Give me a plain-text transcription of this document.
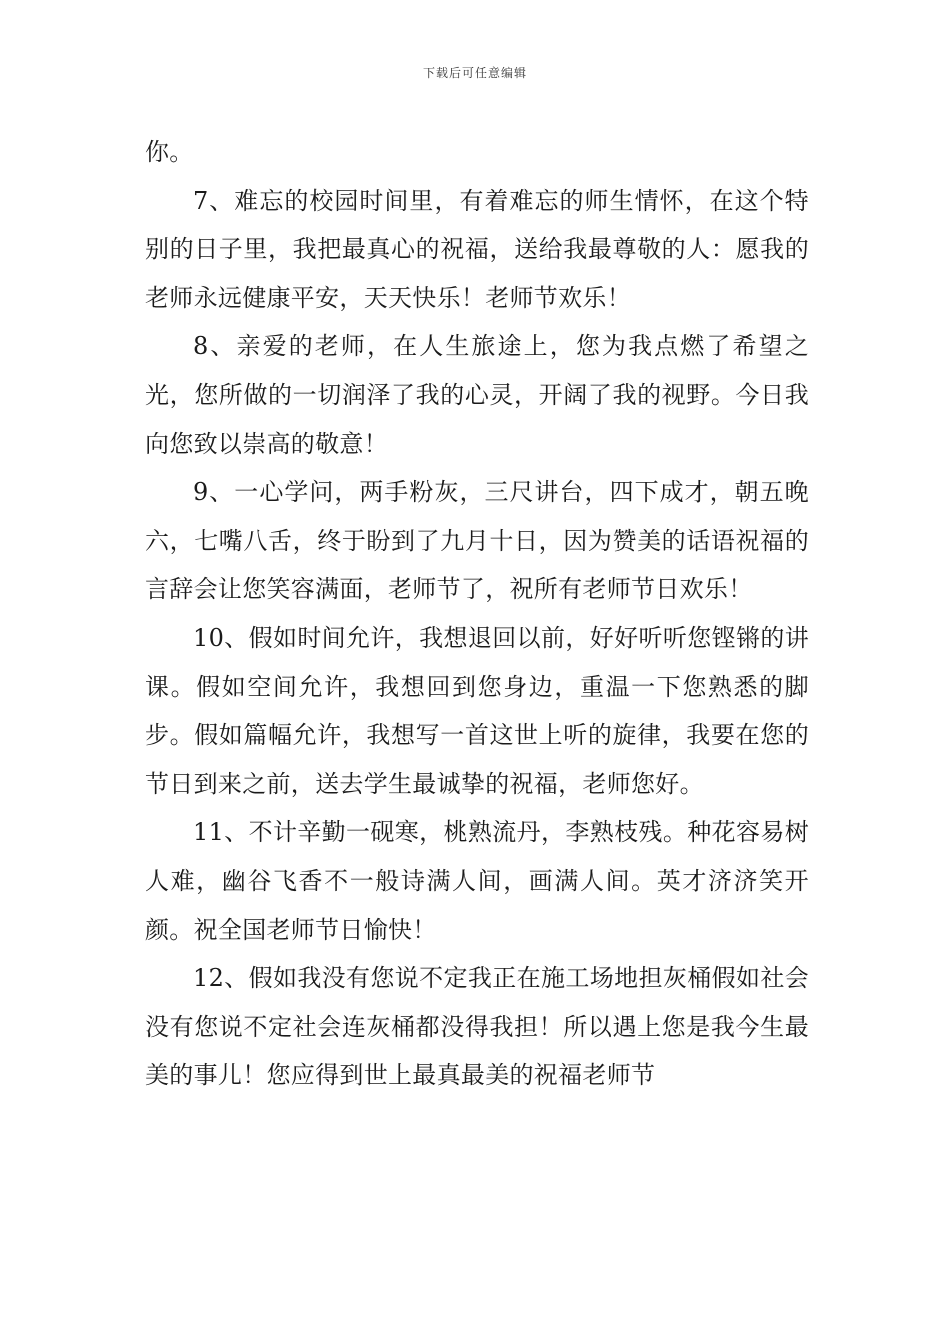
下载后可任意编辑

你。

7、难忘的校园时间里，有着难忘的师生情怀，在这个特别的日子里，我把最真心的祝福，送给我最尊敬的人：愿我的老师永远健康平安，天天快乐！老师节欢乐！

8、亲爱的老师，在人生旅途上，您为我点燃了希望之光，您所做的一切润泽了我的心灵，开阔了我的视野。今日我向您致以崇高的敬意！

9、一心学问，两手粉灰，三尺讲台，四下成才，朝五晚六，七嘴八舌，终于盼到了九月十日，因为赞美的话语祝福的言辞会让您笑容满面，老师节了，祝所有老师节日欢乐！

10、假如时间允许，我想退回以前，好好听听您铿锵的讲课。假如空间允许，我想回到您身边，重温一下您熟悉的脚步。假如篇幅允许，我想写一首这世上听的旋律，我要在您的节日到来之前，送去学生最诚挚的祝福，老师您好。

11、不计辛勤一砚寒，桃熟流丹，李熟枝残。种花容易树人难，幽谷飞香不一般诗满人间，画满人间。英才济济笑开颜。祝全国老师节日愉快！

12、假如我没有您说不定我正在施工场地担灰桶假如社会没有您说不定社会连灰桶都没得我担！所以遇上您是我今生最美的事儿！您应得到世上最真最美的祝福老师节
